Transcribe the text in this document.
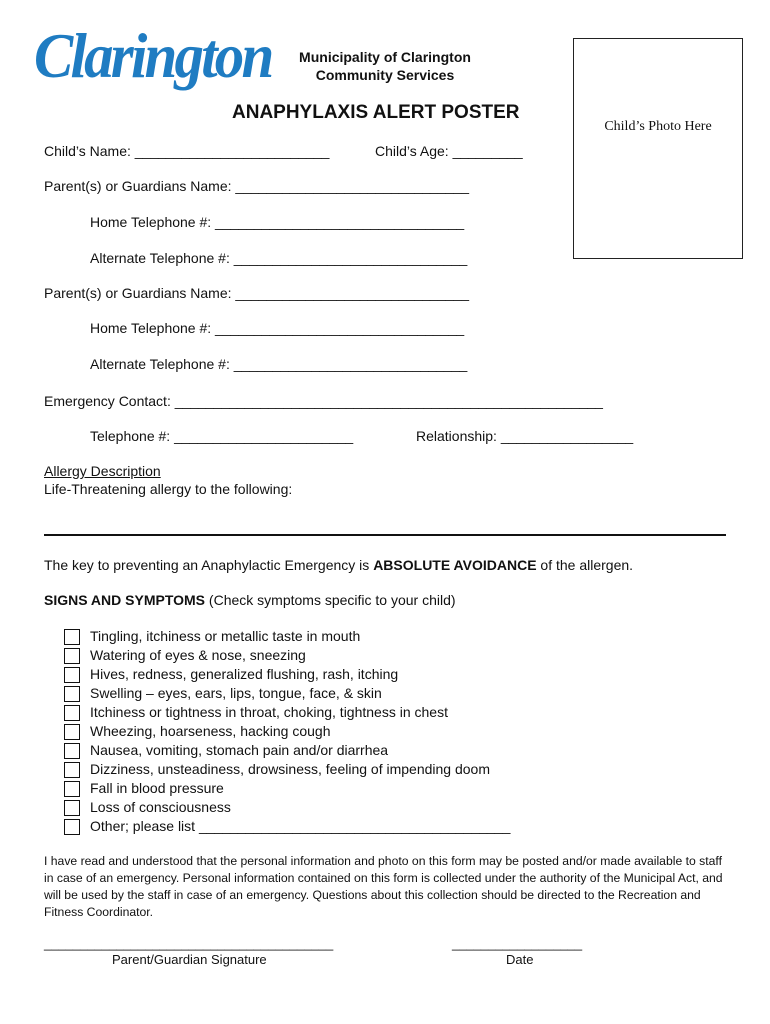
Clarington	Municipality of Clarington
Community Services
ANAPHYLAXIS ALERT POSTER
Child’s Photo Here
Child’s Name: _________________________	Child’s Age: _________
Parent(s) or Guardians Name: ______________________________
Home Telephone #: ________________________________
Alternate Telephone #: ______________________________
Parent(s) or Guardians Name: ______________________________
Home Telephone #: ________________________________
Alternate Telephone #: ______________________________
Emergency Contact: _______________________________________________________
Telephone #: _______________________	Relationship: _________________
Allergy Description
Life-Threatening allergy to the following:
The key to preventing an Anaphylactic Emergency is ABSOLUTE AVOIDANCE of the allergen.
SIGNS AND SYMPTOMS (Check symptoms specific to your child)
Tingling, itchiness or metallic taste in mouth
Watering of eyes & nose, sneezing
Hives, redness, generalized flushing, rash, itching
Swelling – eyes, ears, lips, tongue, face, & skin
Itchiness or tightness in throat, choking, tightness in chest
Wheezing, hoarseness, hacking cough
Nausea, vomiting, stomach pain and/or diarrhea
Dizziness, unsteadiness, drowsiness, feeling of impending doom
Fall in blood pressure
Loss of consciousness
Other; please list ________________________________________
I have read and understood that the personal information and photo on this form may be posted and/or made available to staff in case of an emergency. Personal information contained on this form is collected under the authority of the Municipal Act, and will be used by the staff in case of an emergency. Questions about this collection should be directed to the Recreation and Fitness Coordinator.
________________________________________
Parent/Guardian Signature
__________________
Date
